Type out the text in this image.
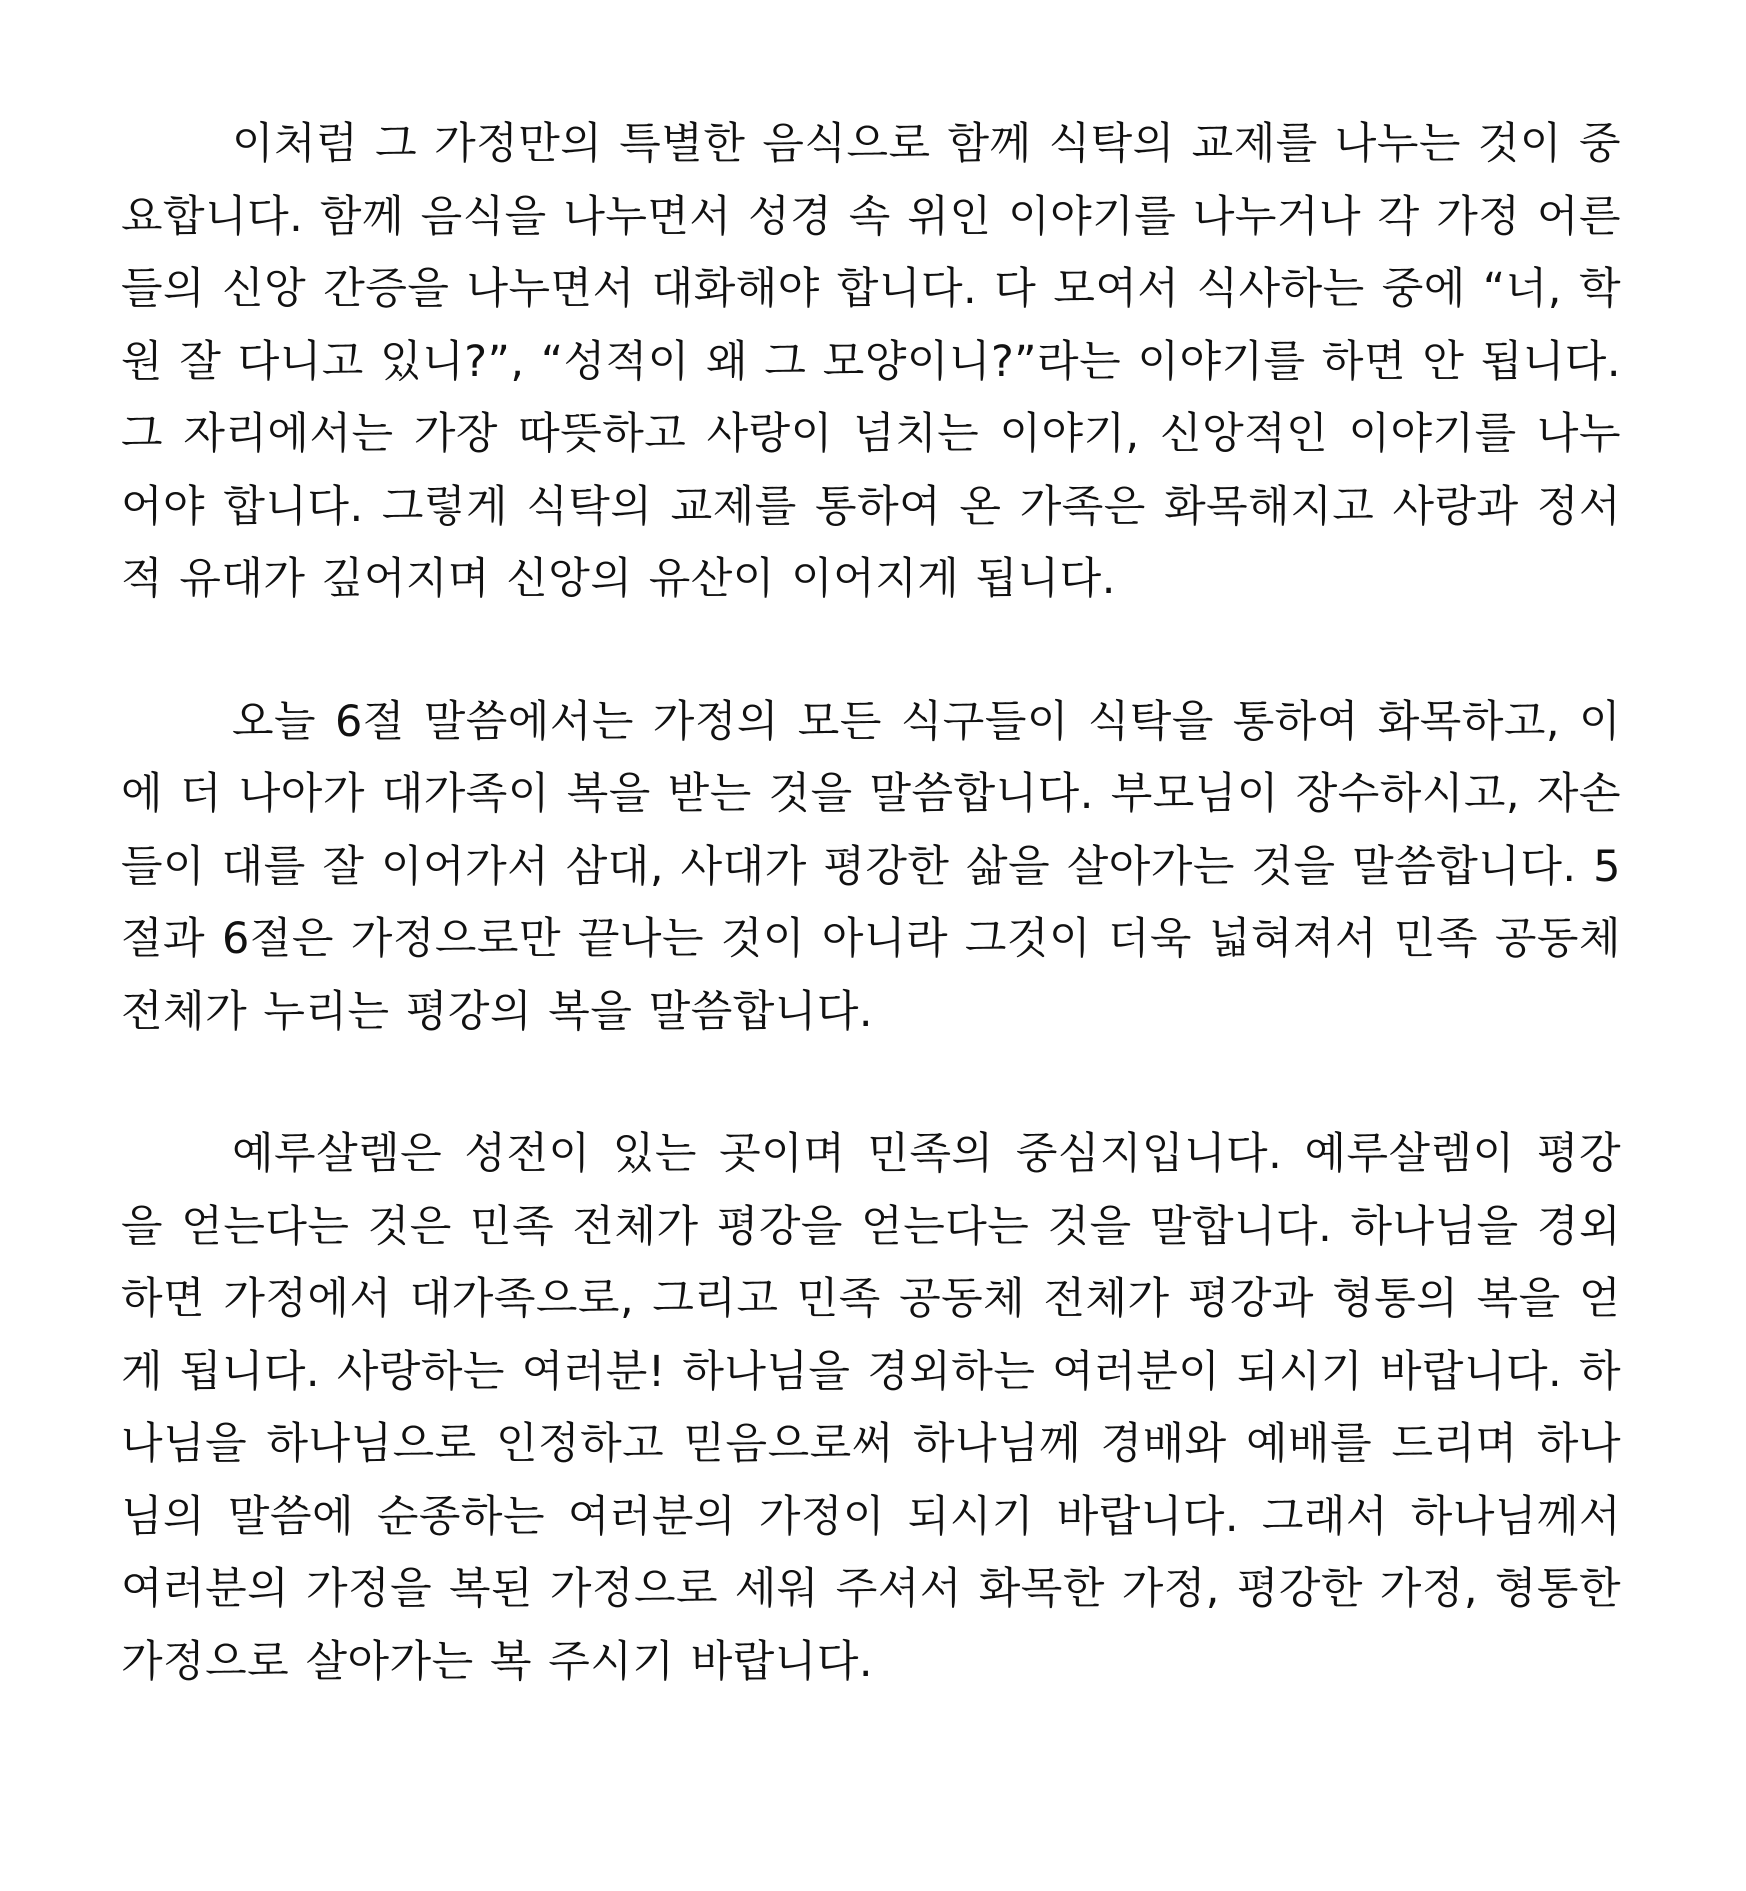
이처럼 그 가정만의 특별한 음식으로 함께 식탁의 교제를 나누는 것이 중요합니다. 함께 음식을 나누면서 성경 속 위인 이야기를 나누거나 각 가정 어른들의 신앙 간증을 나누면서 대화해야 합니다. 다 모여서 식사하는 중에 “너, 학원 잘 다니고 있니?”, “성적이 왜 그 모양이니?”라는 이야기를 하면 안 됩니다. 그 자리에서는 가장 따뜻하고 사랑이 넘치는 이야기, 신앙적인 이야기를 나누어야 합니다. 그렇게 식탁의 교제를 통하여 온 가족은 화목해지고 사랑과 정서적 유대가 깊어지며 신앙의 유산이 이어지게 됩니다.

오늘 6절 말씀에서는 가정의 모든 식구들이 식탁을 통하여 화목하고, 이에 더 나아가 대가족이 복을 받는 것을 말씀합니다. 부모님이 장수하시고, 자손들이 대를 잘 이어가서 삼대, 사대가 평강한 삶을 살아가는 것을 말씀합니다. 5절과 6절은 가정으로만 끝나는 것이 아니라 그것이 더욱 넓혀져서 민족 공동체 전체가 누리는 평강의 복을 말씀합니다.

예루살렘은 성전이 있는 곳이며 민족의 중심지입니다. 예루살렘이 평강을 얻는다는 것은 민족 전체가 평강을 얻는다는 것을 말합니다. 하나님을 경외하면 가정에서 대가족으로, 그리고 민족 공동체 전체가 평강과 형통의 복을 얻게 됩니다. 사랑하는 여러분! 하나님을 경외하는 여러분이 되시기 바랍니다. 하나님을 하나님으로 인정하고 믿음으로써 하나님께 경배와 예배를 드리며 하나님의 말씀에 순종하는 여러분의 가정이 되시기 바랍니다. 그래서 하나님께서 여러분의 가정을 복된 가정으로 세워 주셔서 화목한 가정, 평강한 가정, 형통한 가정으로 살아가는 복 주시기 바랍니다.
